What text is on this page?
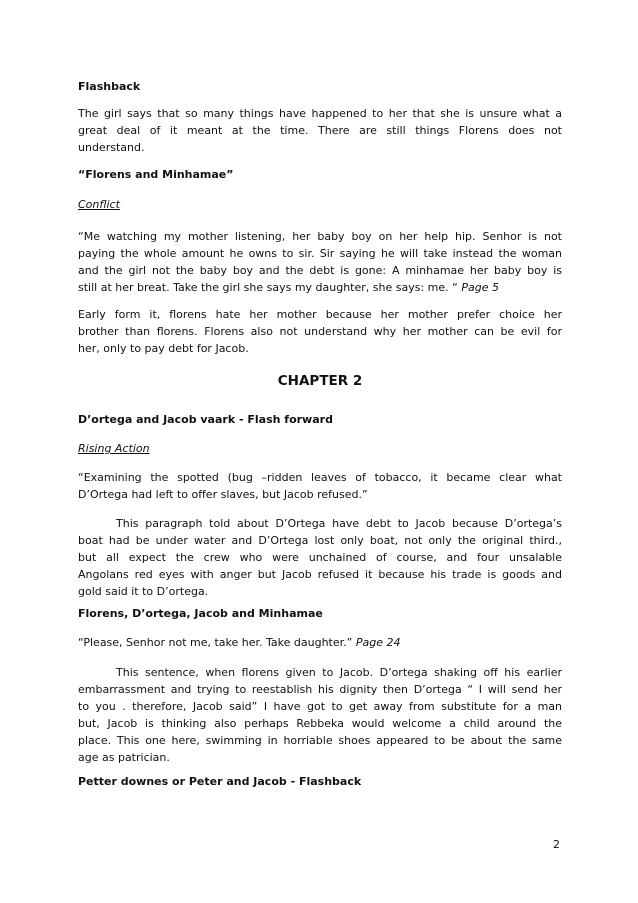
Flashback
The girl says that so many things have happened to her that she is unsure what a
great deal of it meant at the time. There are still things Florens does not
understand.
“Florens and Minhamae”
Conflict
“Me watching my mother listening, her baby boy on her help hip. Senhor is not
paying the whole amount he owns to sir. Sir saying he will take instead the woman
and the girl not the baby boy and the debt is gone: A minhamae her baby boy is
still at her breat. Take the girl she says my daughter, she says: me. “ Page 5
Early form it, florens hate her mother because her mother prefer choice her
brother than florens. Florens also not understand why her mother can be evil for
her, only to pay debt for Jacob.
CHAPTER 2
D’ortega and Jacob vaark - Flash forward
Rising Action
“Examining the spotted (bug –ridden leaves of tobacco, it became clear what
D’Ortega had left to offer slaves, but Jacob refused.”
This paragraph told about D’Ortega have debt to Jacob because D’ortega’s
boat had be under water and D’Ortega lost only boat, not only the original third.,
but all expect the crew who were unchained of course, and four unsalable
Angolans red eyes with anger but Jacob refused it because his trade is goods and
gold said it to D’ortega.
Florens, D’ortega, Jacob and Minhamae
“Please, Senhor not me, take her. Take daughter.” Page 24
This sentence, when florens given to Jacob. D’ortega shaking off his earlier
embarrassment and trying to reestablish his dignity then D’ortega “ I will send her
to you . therefore, Jacob said” I have got to get away from substitute for a man
but, Jacob is thinking also perhaps Rebbeka would welcome a child around the
place. This one here, swimming in horriable shoes appeared to be about the same
age as patrician.
Petter downes or Peter and Jacob - Flashback
2
